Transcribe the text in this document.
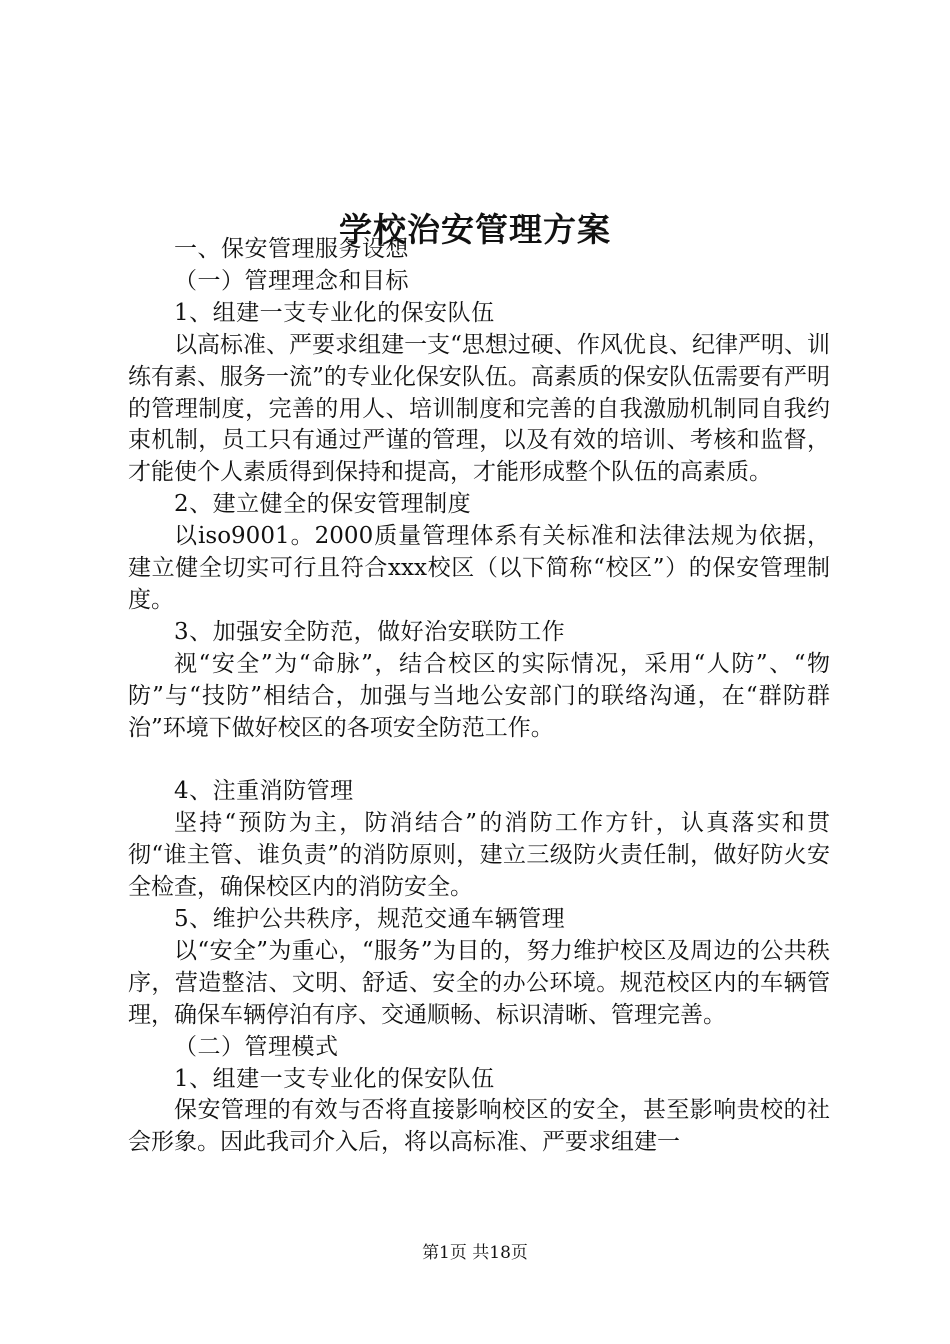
学校治安管理方案

一、保安管理服务设想

（一）管理理念和目标

1、组建一支专业化的保安队伍

以高标准、严要求组建一支“思想过硬、作风优良、纪律严明、训练有素、服务一流”的专业化保安队伍。高素质的保安队伍需要有严明的管理制度，完善的用人、培训制度和完善的自我激励机制同自我约束机制，员工只有通过严谨的管理，以及有效的培训、考核和监督，才能使个人素质得到保持和提高，才能形成整个队伍的高素质。

2、建立健全的保安管理制度

以iso9001。2000质量管理体系有关标准和法律法规为依据，建立健全切实可行且符合xxx校区（以下简称“校区”）的保安管理制度。

3、加强安全防范，做好治安联防工作

视“安全”为“命脉”，结合校区的实际情况，采用“人防”、“物防”与“技防”相结合，加强与当地公安部门的联络沟通，在“群防群治”环境下做好校区的各项安全防范工作。

4、注重消防管理

坚持“预防为主，防消结合”的消防工作方针，认真落实和贯彻“谁主管、谁负责”的消防原则，建立三级防火责任制，做好防火安全检查，确保校区内的消防安全。

5、维护公共秩序，规范交通车辆管理

以“安全”为重心，“服务”为目的，努力维护校区及周边的公共秩序，营造整洁、文明、舒适、安全的办公环境。规范校区内的车辆管理，确保车辆停泊有序、交通顺畅、标识清晰、管理完善。

（二）管理模式

1、组建一支专业化的保安队伍

保安管理的有效与否将直接影响校区的安全，甚至影响贵校的社会形象。因此我司介入后，将以高标准、严要求组建一

第1页 共18页
